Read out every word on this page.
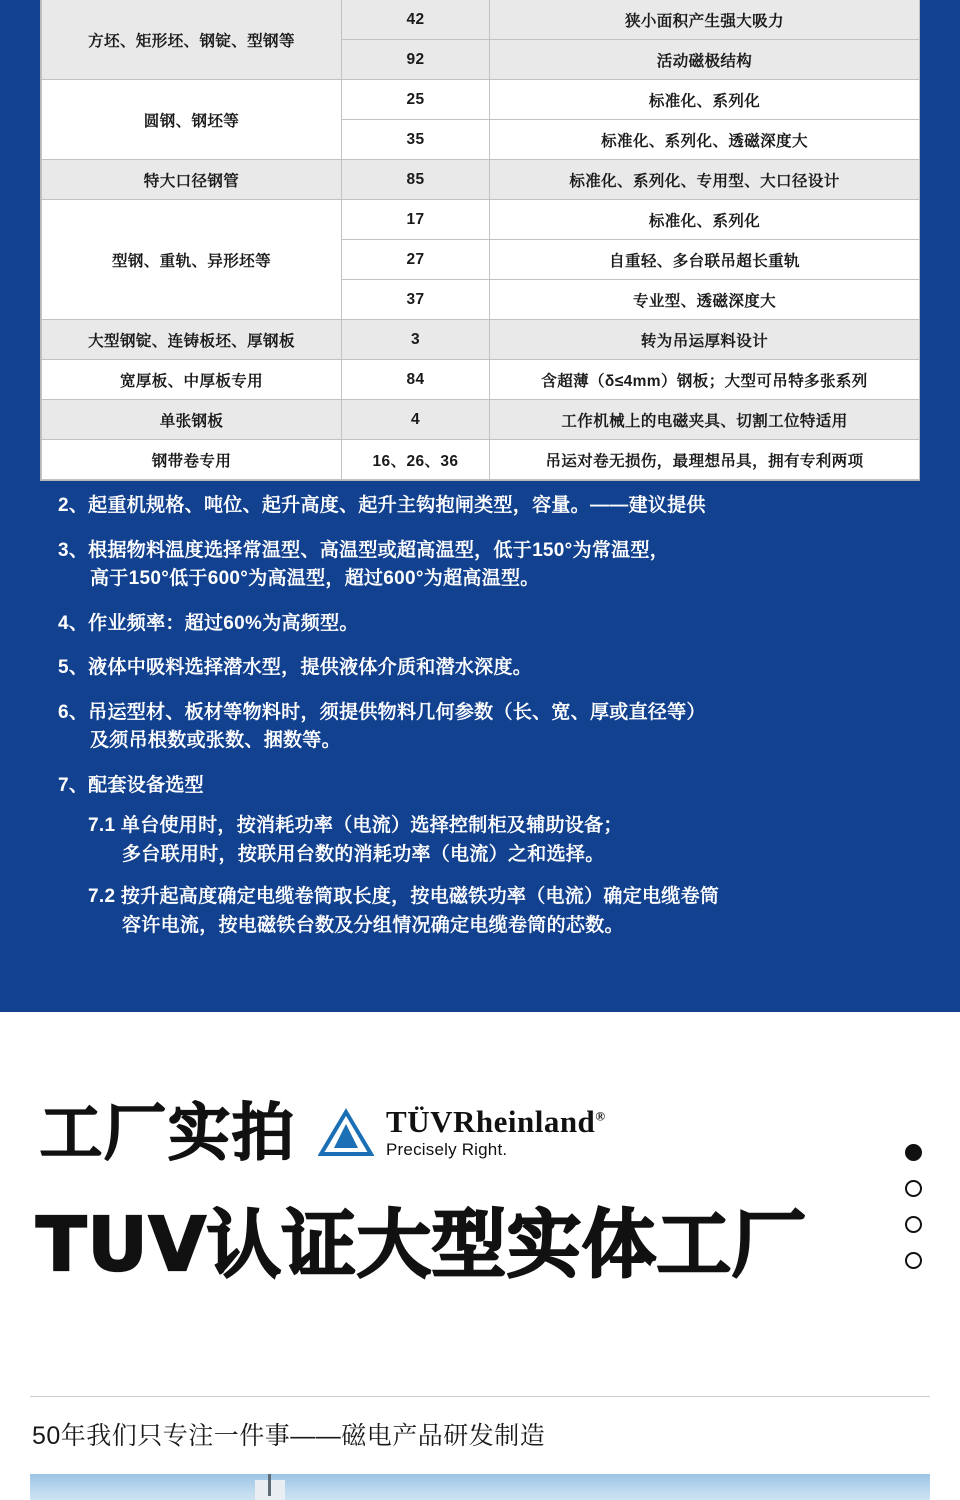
方坯、矩形坯、钢锭、型钢等	42	狭小面积产生强大吸力
	92	活动磁极结构
圆钢、钢坯等	25	标准化、系列化
	35	标准化、系列化、透磁深度大
特大口径钢管	85	标准化、系列化、专用型、大口径设计
型钢、重轨、异形坯等	17	标准化、系列化
	27	自重轻、多台联吊超长重轨
	37	专业型、透磁深度大
大型钢锭、连铸板坯、厚钢板	3	转为吊运厚料设计
宽厚板、中厚板专用	84	含超薄（δ≤4mm）钢板；大型可吊特多张系列
单张钢板	4	工作机械上的电磁夹具、切割工位特适用
钢带卷专用	16、26、36	吊运对卷无损伤，最理想吊具，拥有专利两项

2、起重机规格、吨位、起升高度、起升主钩抱闸类型，容量。——建议提供

3、根据物料温度选择常温型、高温型或超高温型，低于150°为常温型，
高于150°低于600°为高温型，超过600°为超高温型。

4、作业频率：超过60%为高频型。

5、液体中吸料选择潜水型，提供液体介质和潜水深度。

6、吊运型材、板材等物料时，须提供物料几何参数（长、宽、厚或直径等）
及须吊根数或张数、捆数等。

7、配套设备选型

7.1 单台使用时，按消耗功率（电流）选择控制柜及辅助设备；
多台联用时，按联用台数的消耗功率（电流）之和选择。

7.2 按升起高度确定电缆卷筒取长度，按电磁铁功率（电流）确定电缆卷筒
容许电流，按电磁铁台数及分组情况确定电缆卷筒的芯数。

工厂实拍	TÜVRheinland®
Precisely Right.
TUV认证大型实体工厂
50年我们只专注一件事——磁电产品研发制造
